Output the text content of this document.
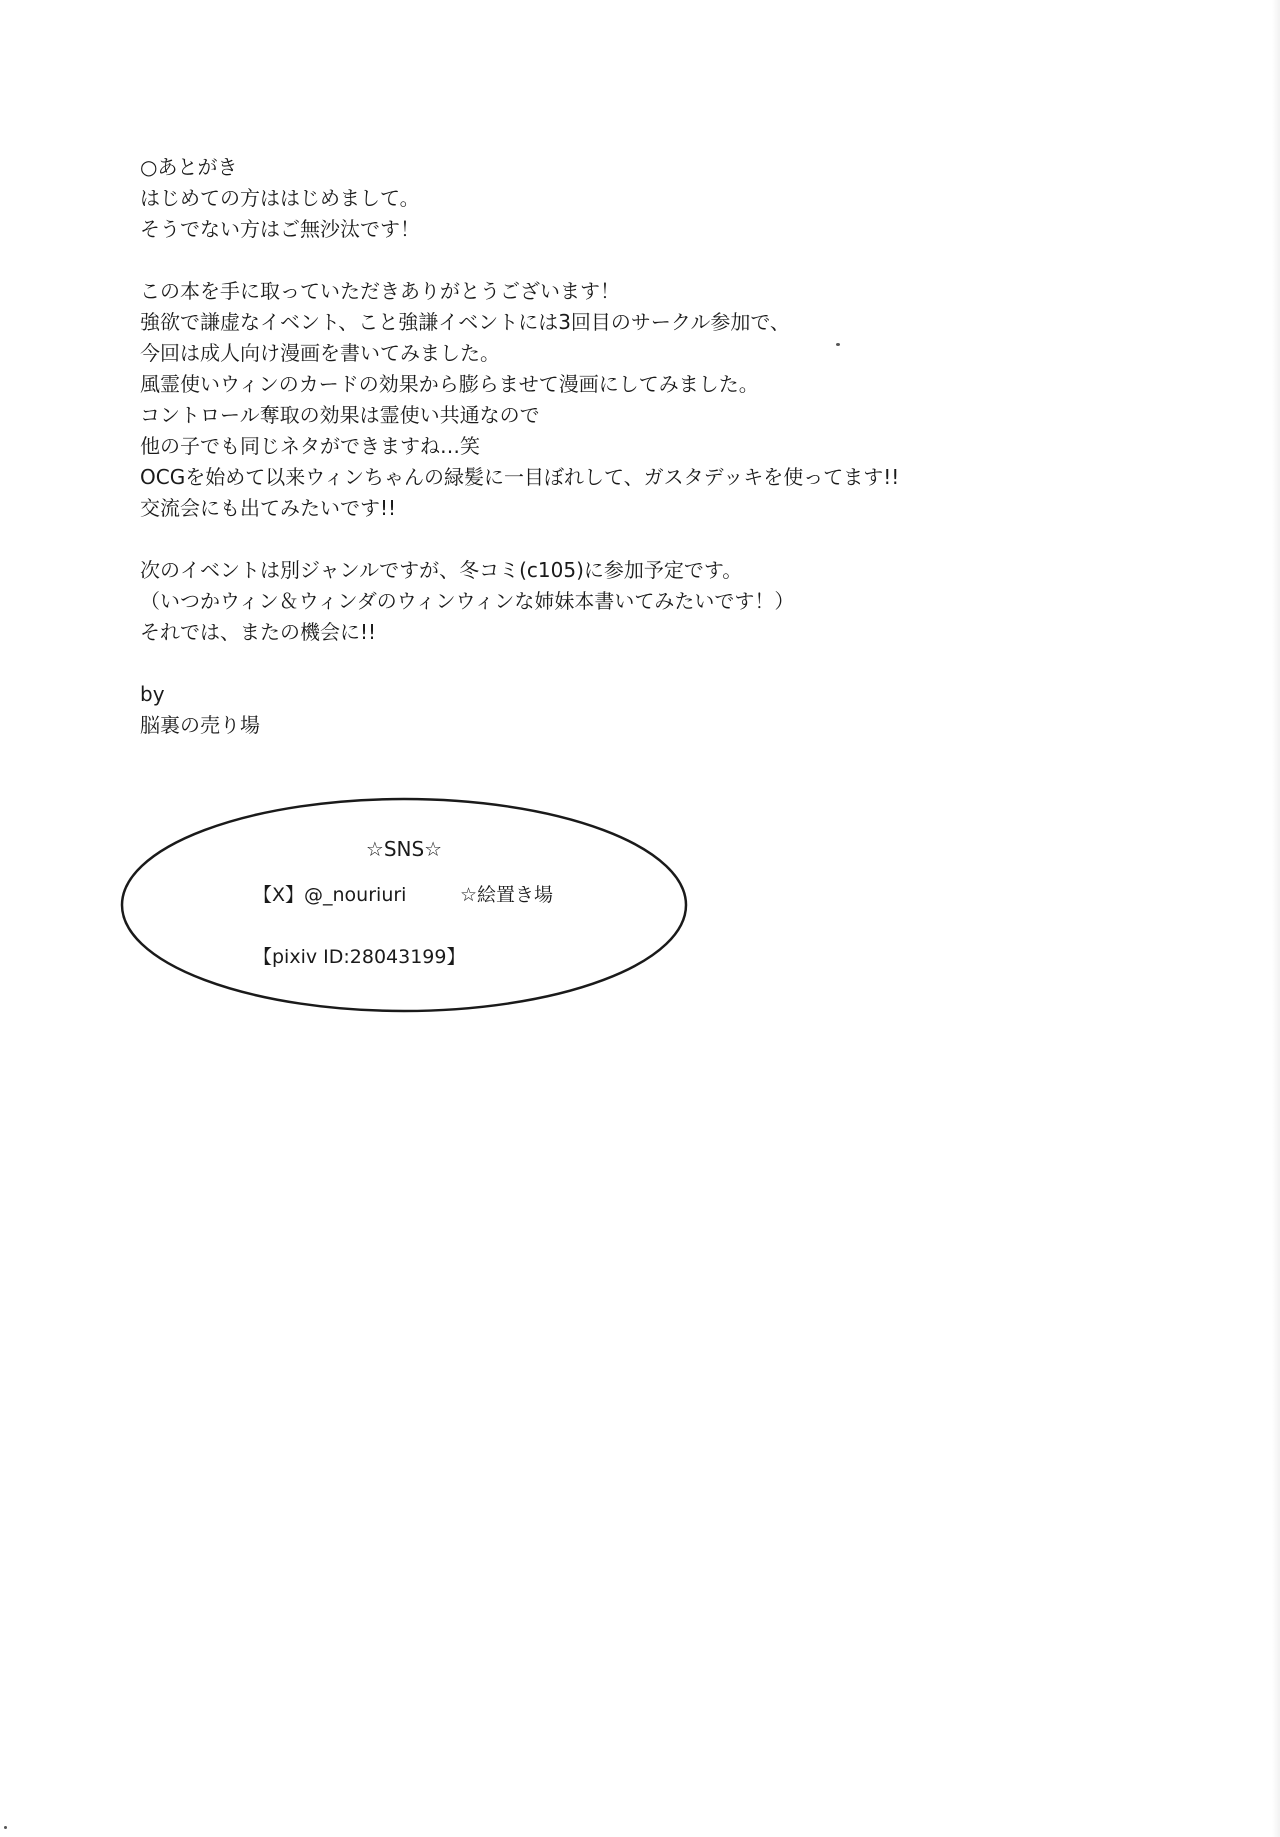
○あとがき
はじめての方ははじめまして。
そうでない方はご無沙汰です！
この本を手に取っていただきありがとうございます！
強欲で謙虚なイベント、こと強謙イベントには3回目のサークル参加で、
今回は成人向け漫画を書いてみました。
風霊使いウィンのカードの効果から膨らませて漫画にしてみました。
コントロール奪取の効果は霊使い共通なので
他の子でも同じネタができますね…笑
OCGを始めて以来ウィンちゃんの緑髪に一目ぼれして、ガスタデッキを使ってます!!
交流会にも出てみたいです!!
次のイベントは別ジャンルですが、冬コミ(c105)に参加予定です。
（いつかウィン＆ウィンダのウィンウィンな姉妹本書いてみたいです！）
それでは、またの機会に!!
by
脳裏の売り場
☆SNS☆
【X】@_nouriuri	☆絵置き場
【pixiv ID:28043199】
